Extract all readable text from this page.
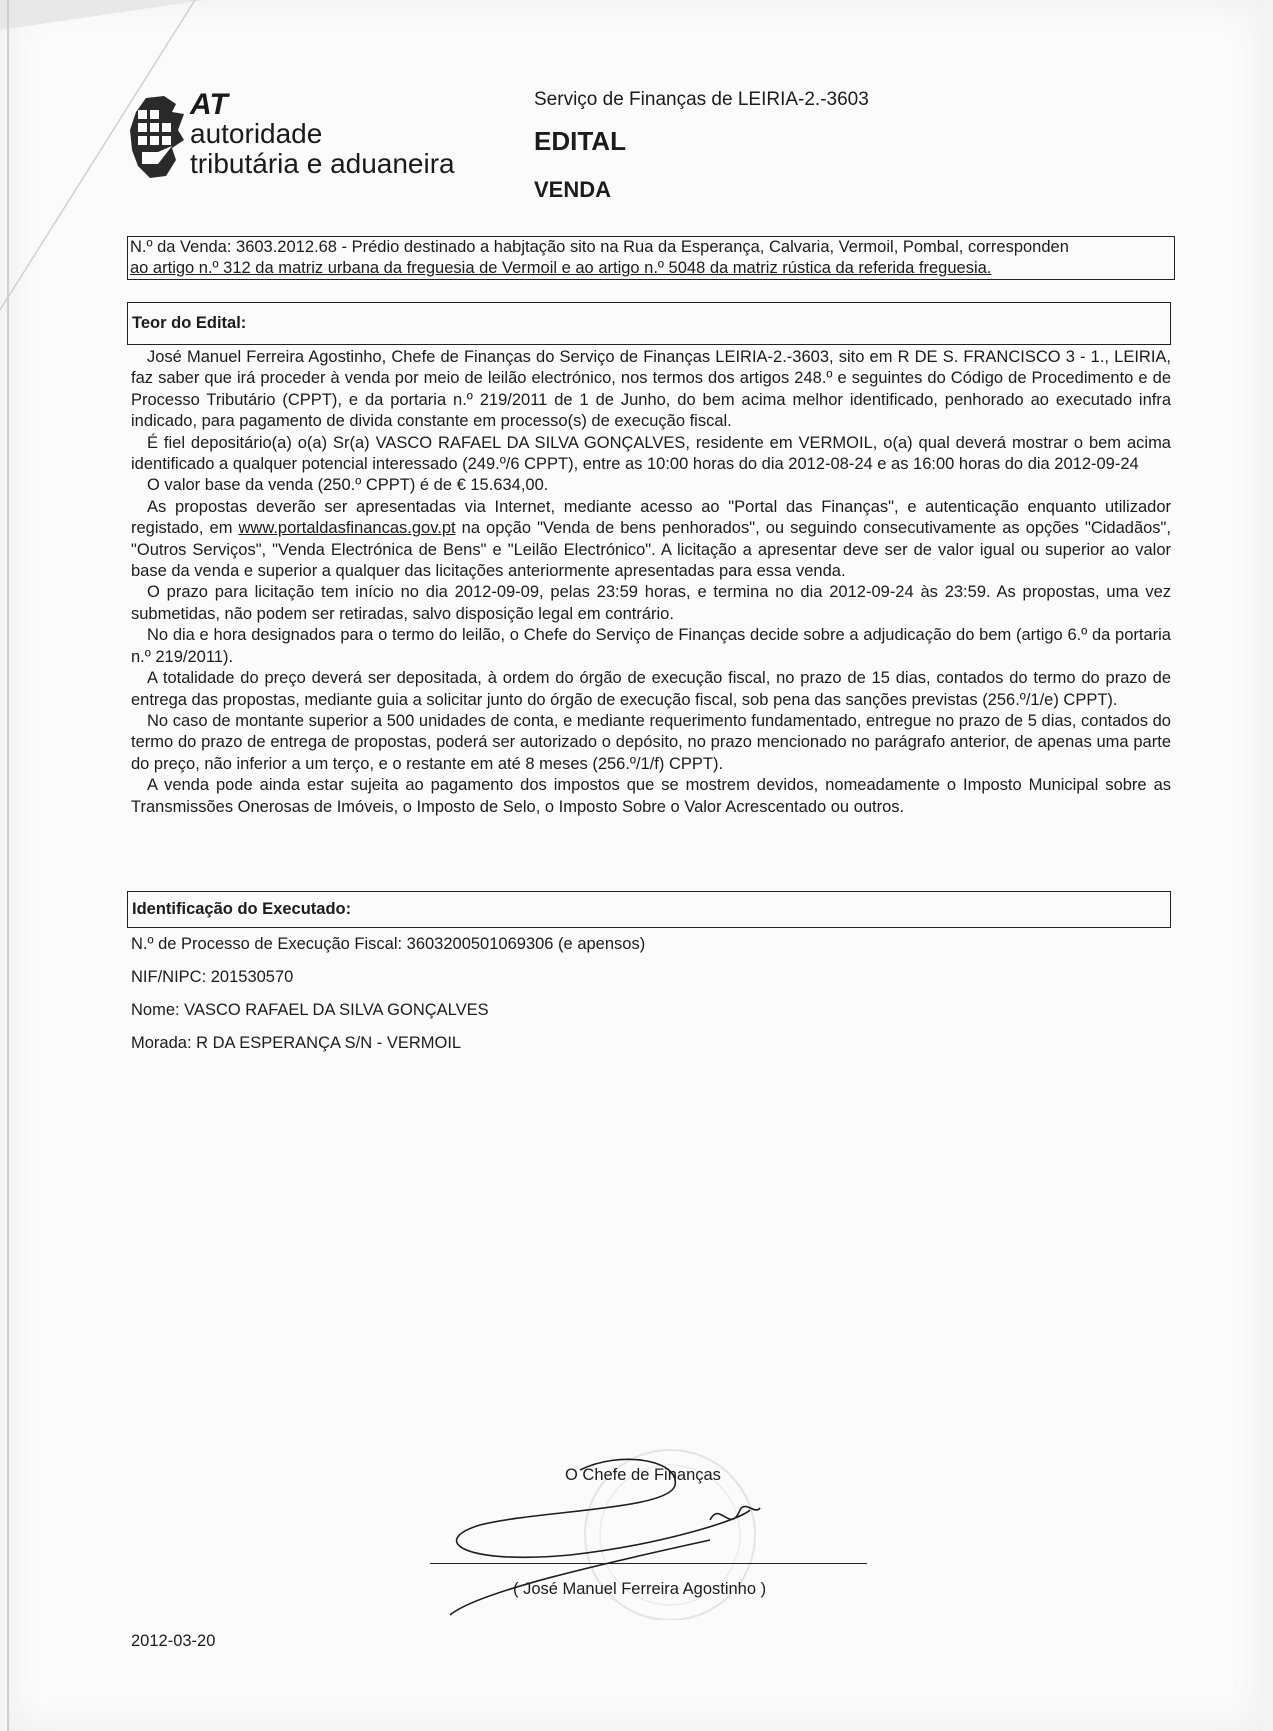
AT
autoridade
tributária e aduaneira
Serviço de Finanças de LEIRIA-2.-3603
EDITAL
VENDA
N.º da Venda: 3603.2012.68 - Prédio destinado a habjtação sito na Rua da Esperança, Calvaria, Vermoil, Pombal, corresponden
ao artigo n.º 312 da matriz urbana da freguesia de Vermoil e ao artigo n.º 5048 da matriz rústica da referida freguesia.
Teor do Edital:

José Manuel Ferreira Agostinho, Chefe de Finanças do Serviço de Finanças LEIRIA-2.-3603, sito em R DE S. FRANCISCO 3 - 1., LEIRIA, faz saber que irá proceder à venda por meio de leilão electrónico, nos termos dos artigos 248.º e seguintes do Código de Procedimento e de Processo Tributário (CPPT), e da portaria n.º 219/2011 de 1 de Junho, do bem acima melhor identificado, penhorado ao executado infra indicado, para pagamento de divida constante em processo(s) de execução fiscal.

É fiel depositário(a) o(a) Sr(a) VASCO RAFAEL DA SILVA GONÇALVES, residente em VERMOIL, o(a) qual deverá mostrar o bem acima identificado a qualquer potencial interessado (249.º/6 CPPT), entre as 10:00 horas do dia 2012-08-24 e as 16:00 horas do dia 2012-09-24

O valor base da venda (250.º CPPT) é de € 15.634,00.

As propostas deverão ser apresentadas via Internet, mediante acesso ao "Portal das Finanças", e autenticação enquanto utilizador registado, em www.portaldasfinancas.gov.pt na opção "Venda de bens penhorados", ou seguindo consecutivamente as opções "Cidadãos", "Outros Serviços", "Venda Electrónica de Bens" e "Leilão Electrónico". A licitação a apresentar deve ser de valor igual ou superior ao valor base da venda e superior a qualquer das licitações anteriormente apresentadas para essa venda.

O prazo para licitação tem início no dia 2012-09-09, pelas 23:59 horas, e termina no dia 2012-09-24 às 23:59. As propostas, uma vez submetidas, não podem ser retiradas, salvo disposição legal em contrário.

No dia e hora designados para o termo do leilão, o Chefe do Serviço de Finanças decide sobre a adjudicação do bem (artigo 6.º da portaria n.º 219/2011).

A totalidade do preço deverá ser depositada, à ordem do órgão de execução fiscal, no prazo de 15 dias, contados do termo do prazo de entrega das propostas, mediante guia a solicitar junto do órgão de execução fiscal, sob pena das sanções previstas (256.º/1/e) CPPT).

No caso de montante superior a 500 unidades de conta, e mediante requerimento fundamentado, entregue no prazo de 5 dias, contados do termo do prazo de entrega de propostas, poderá ser autorizado o depósito, no prazo mencionado no parágrafo anterior, de apenas uma parte do preço, não inferior a um terço, e o restante em até 8 meses (256.º/1/f) CPPT).

A venda pode ainda estar sujeita ao pagamento dos impostos que se mostrem devidos, nomeadamente o Imposto Municipal sobre as Transmissões Onerosas de Imóveis, o Imposto de Selo, o Imposto Sobre o Valor Acrescentado ou outros.

Identificação do Executado:
N.º de Processo de Execução Fiscal: 3603200501069306 (e apensos)
NIF/NIPC: 201530570
Nome: VASCO RAFAEL DA SILVA GONÇALVES
Morada: R DA ESPERANÇA S/N - VERMOIL
O Chefe de Finanças
( José Manuel Ferreira Agostinho )
2012-03-20
